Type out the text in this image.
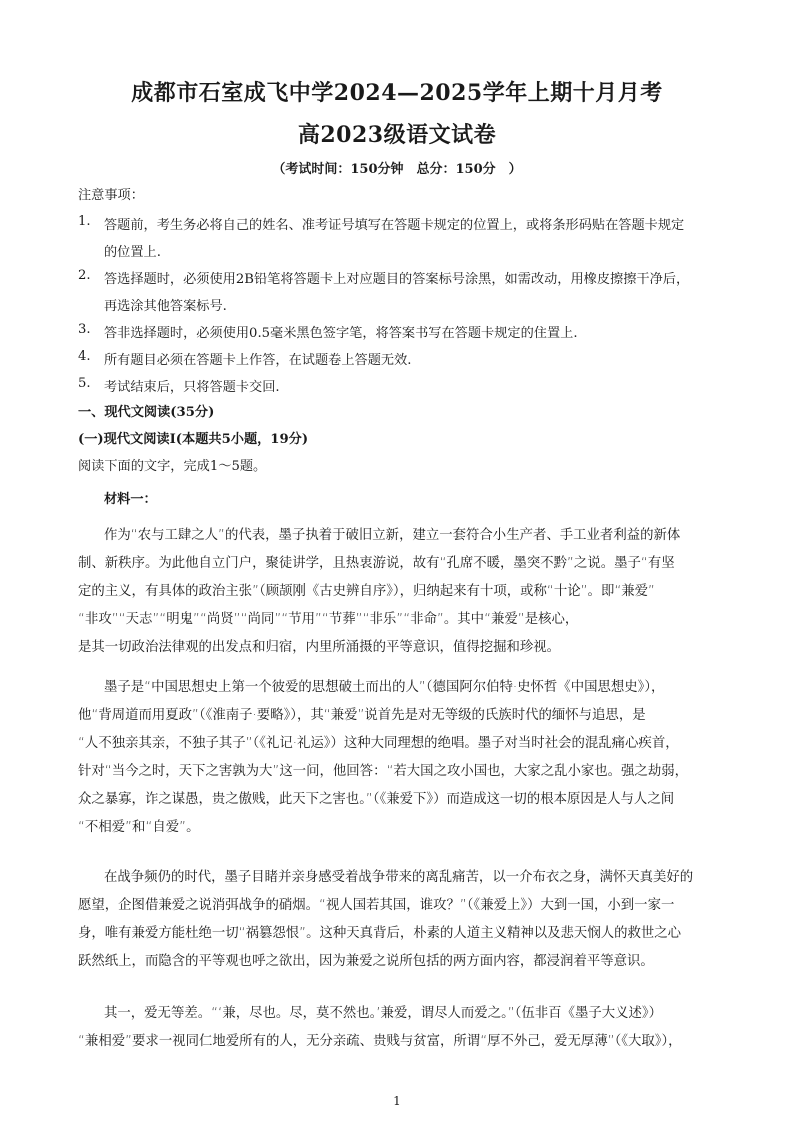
成都市石室成飞中学2024—2025学年上期十月月考
高2023级语文试卷
（考试时间：150分钟　总分：150分　）
注意事项：
1. 答题前，考生务必将自己的姓名、准考证号填写在答题卡规定的位置上，或将条形码贴在答题卡规定
的位置上.
2. 答选择题时，必须使用2B铅笔将答题卡上对应题目的答案标号涂黑，如需改动，用橡皮擦擦干净后，
再选涂其他答案标号.
3. 答非选择题时，必须使用0.5毫米黑色签字笔，将答案书写在答题卡规定的住置上.
4. 所有题目必须在答题卡上作答，在试题卷上答题无效.
5. 考试结束后，只将答题卡交回.
一、现代文阅读(35分)
(一)现代文阅读Ⅰ(本题共5小题，19分)
阅读下面的文字，完成1～5题。
材料一：
作为“农与工肆之人”的代表，墨子执着于破旧立新，建立一套符合小生产者、手工业者利益的新体
制、新秩序。为此他自立门户，聚徒讲学，且热衷游说，故有“孔席不暖，墨突不黔”之说。墨子“有坚
定的主义，有具体的政治主张”（顾颉刚《古史辨自序》），归纳起来有十项，或称“十论”。即“兼爱”
“非攻”“天志”“明鬼”“尚贤”“尚同”“节用”“节葬”“非乐”“非命”。其中“兼爱”是核心，
是其一切政治法律观的出发点和归宿，内里所涌摄的平等意识，值得挖掘和珍视。
墨子是“中国思想史上第一个彼爱的思想破土而出的人”（德国阿尔伯特·史怀哲《中国思想史》），
他“背周道而用夏政”（《淮南子·要略》），其“兼爱”说首先是对无等级的氏族时代的缅怀与追思，是
“人不独亲其亲，不独子其子”（《礼记·礼运》）这种大同理想的绝唱。墨子对当时社会的混乱痛心疾首，
针对“当今之时，天下之害孰为大”这一问，他回答：“若大国之攻小国也，大家之乱小家也。强之劫弱，
众之暴寡，诈之谋愚，贵之傲贱，此天下之害也。”（《兼爱下》）而造成这一切的根本原因是人与人之间
“不相爱”和“自爱”。
在战争频仍的时代，墨子目睹并亲身感受着战争带来的离乱痛苦，以一介布衣之身，满怀天真美好的
愿望，企图借兼爱之说消弭战争的硝烟。“视人国若其国，谁攻？”（《兼爱上》）大到一国，小到一家一
身，唯有兼爱方能杜绝一切“祸篡怨恨”。这种天真背后，朴素的人道主义精神以及悲天悯人的救世之心
跃然纸上，而隐含的平等观也呼之欲出，因为兼爱之说所包括的两方面内容，都浸润着平等意识。
其一，爱无等差。“‘兼，尽也。尽，莫不然也。’兼爱，谓尽人而爱之。”（伍非百《墨子大义述》）
“兼相爱”要求一视同仁地爱所有的人，无分亲疏、贵贱与贫富，所谓“厚不外己，爱无厚薄”（《大取》），
1
